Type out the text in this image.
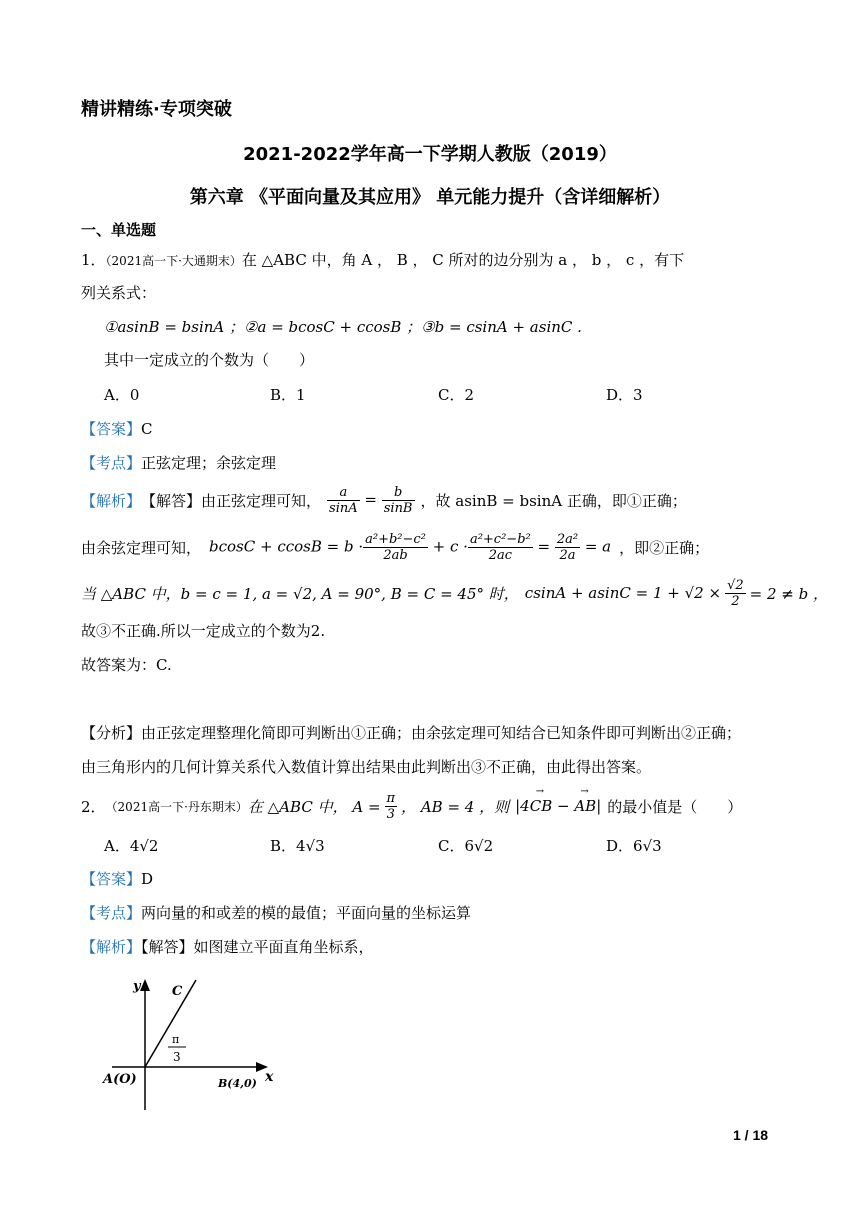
精讲精练·专项突破
2021-2022学年高一下学期人教版（2019）
第六章 《平面向量及其应用》 单元能力提升（含详细解析）
一、单选题
1．（2021高一下·大通期末）在 △ABC 中，角 A ， B ， C 所对的边分别为 a ， b ， c ，有下
列关系式：
①asinB = bsinA ；②a = bcosC + ccosB ；③b = csinA + asinC .
其中一定成立的个数为（　　）
A．0	B．1	C．2	D．3
【答案】C
【考点】正弦定理；余弦定理
【解析】 【解答】由正弦定理可知， $\frac{a}{\sin A} = \frac{b}{\sin B}$ ，故 asinB = bsinA 正确，即①正确；
由余弦定理可知， $bcosC + ccosB = b \cdot \frac{\text{a²+b²−c²}}{2ab} + c \cdot \frac{\text{a²+c²−b²}}{2ac} = \frac{\text{2a²}}{2a} = a$ ，即②正确；
当 △ABC 中，b = c = 1, a = √2, A = 90°, B = C = 45° 时， $csinA + asinC = 1 + √2 \times \frac{√2}{2} = 2 \ne b$ ，
故③不正确.所以一定成立的个数为2.
故答案为：C.
【分析】由正弦定理整理化简即可判断出①正确；由余弦定理可知结合已知条件即可判断出②正确；
由三角形内的几何计算关系代入数值计算出结果由此判断出③不正确，由此得出答案。
2． （2021高一下·丹东期末） 在 △ABC 中， $A = \frac{\pi}{3}$ ， AB = 4 ，则 |4CB
→
− AB
→
| 的最小值是（　　）
A．4√2	B．4√3	C．6√2	D．6√3
【答案】D
【考点】两向量的和或差的模的最值；平面向量的坐标运算
【解析】【解答】如图建立平面直角坐标系，
y
x
C
A(O)	B(4,0)
π
3
1 / 18
